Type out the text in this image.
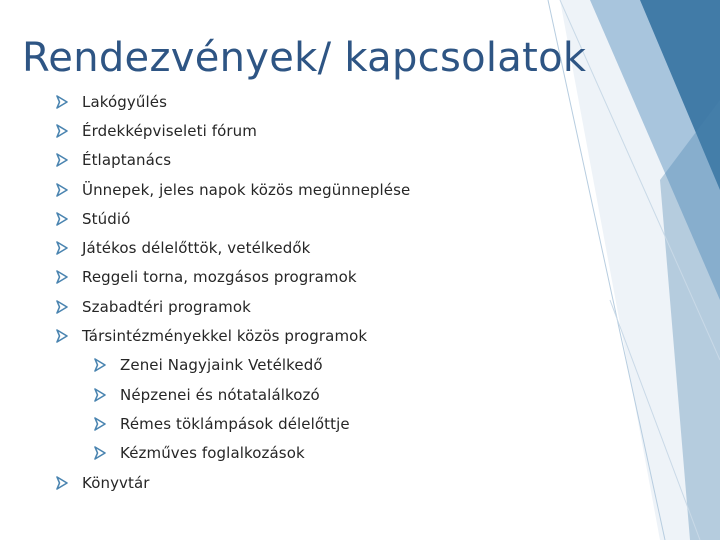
Rendezvények/ kapcsolatok
Lakógyűlés
Érdekképviseleti fórum
Étlaptanács
Ünnepek, jeles napok közös megünneplése
Stúdió
Játékos délelőttök, vetélkedők
Reggeli torna, mozgásos programok
Szabadtéri programok
Társintézményekkel közös programok
Zenei Nagyjaink Vetélkedő
Népzenei és nótatalálkozó
Rémes töklámpások délelőttje
Kézműves foglalkozások
Könyvtár
